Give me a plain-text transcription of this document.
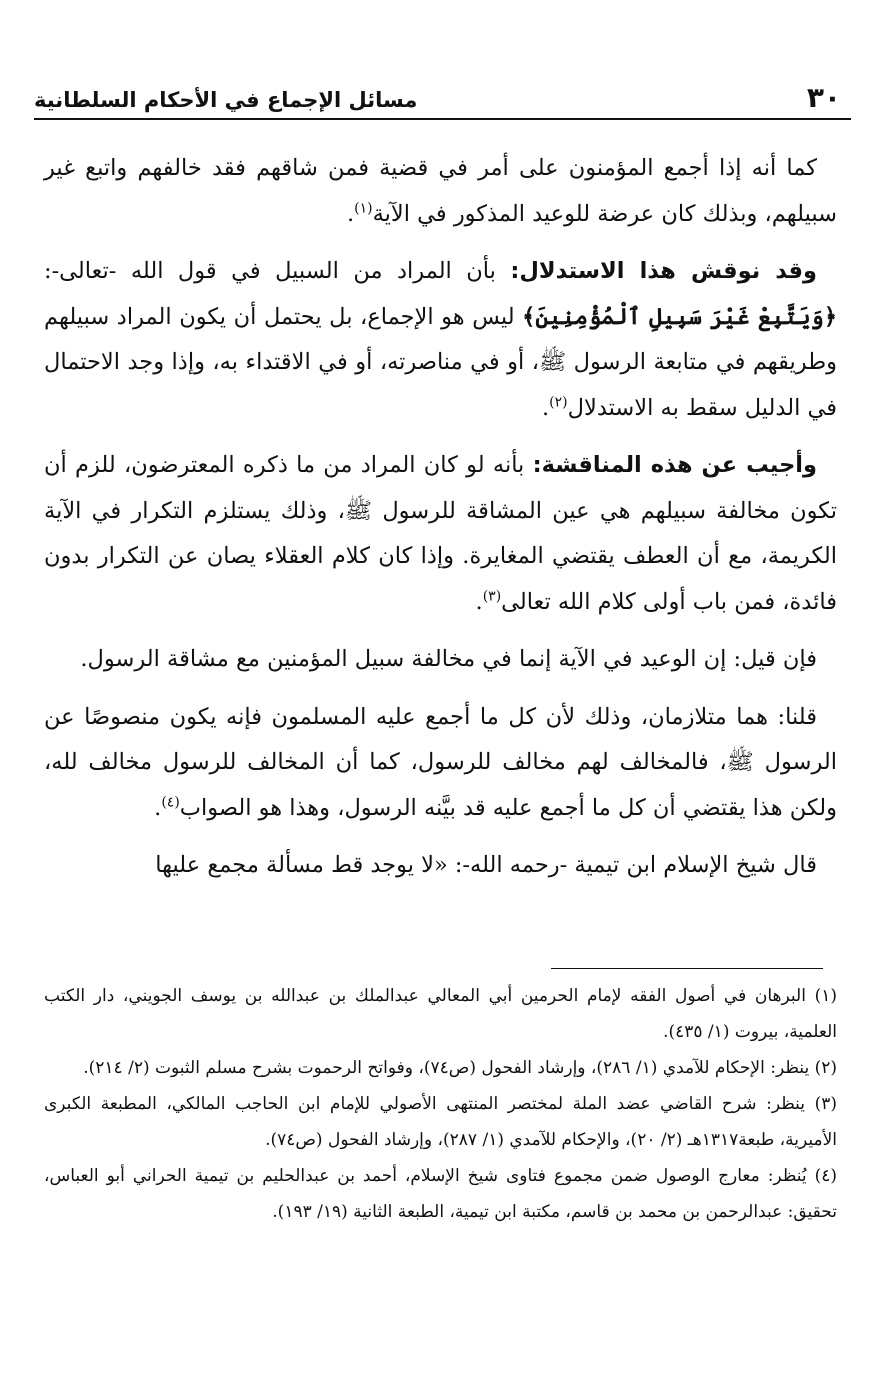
٣٠
مسائل الإجماع في الأحكام السلطانية

كما أنه إذا أجمع المؤمنون على أمر في قضية فمن شاقهم فقد خالفهم واتبع غير سبيلهم، وبذلك كان عرضة للوعيد المذكور في الآية$^{(١)}$.

وقد نوقش هذا الاستدلال: بأن المراد من السبيل في قول الله -تعالى-: ﴿وَيَتَّبِعْ غَيْرَ سَبِيلِ ٱلْمُؤْمِنِينَ﴾ ليس هو الإجماع، بل يحتمل أن يكون المراد سبيلهم وطريقهم في متابعة الرسول ﷺ، أو في مناصرته، أو في الاقتداء به، وإذا وجد الاحتمال في الدليل سقط به الاستدلال$^{(٢)}$.

وأجيب عن هذه المناقشة: بأنه لو كان المراد من ما ذكره المعترضون، للزم أن تكون مخالفة سبيلهم هي عين المشاقة للرسول ﷺ، وذلك يستلزم التكرار في الآية الكريمة، مع أن العطف يقتضي المغايرة. وإذا كان كلام العقلاء يصان عن التكرار بدون فائدة، فمن باب أولى كلام الله تعالى$^{(٣)}$.

فإن قيل: إن الوعيد في الآية إنما في مخالفة سبيل المؤمنين مع مشاقة الرسول.

قلنا: هما متلازمان، وذلك لأن كل ما أجمع عليه المسلمون فإنه يكون منصوصًا عن الرسول ﷺ، فالمخالف لهم مخالف للرسول، كما أن المخالف للرسول مخالف لله، ولكن هذا يقتضي أن كل ما أجمع عليه قد بيَّنه الرسول، وهذا هو الصواب$^{(٤)}$.

قال شيخ الإسلام ابن تيمية -رحمه الله-: «لا يوجد قط مسألة مجمع عليها

(١) البرهان في أصول الفقه لإمام الحرمين أبي المعالي عبدالملك بن عبدالله بن يوسف الجويني، دار الكتب العلمية، بيروت (١/ ٤٣٥).

(٢) ينظر: الإحكام للآمدي (١/ ٢٨٦)، وإرشاد الفحول (ص٧٤)، وفواتح الرحموت بشرح مسلم الثبوت (٢/ ٢١٤).

(٣) ينظر: شرح القاضي عضد الملة لمختصر المنتهى الأصولي للإمام ابن الحاجب المالكي، المطبعة الكبرى الأميرية، طبعة١٣١٧هـ (٢/ ٢٠)، والإحكام للآمدي (١/ ٢٨٧)، وإرشاد الفحول (ص٧٤).

(٤) يُنظر: معارج الوصول ضمن مجموع فتاوى شيخ الإسلام، أحمد بن عبدالحليم بن تيمية الحراني أبو العباس، تحقيق: عبدالرحمن بن محمد بن قاسم، مكتبة ابن تيمية، الطبعة الثانية (١٩/ ١٩٣).
